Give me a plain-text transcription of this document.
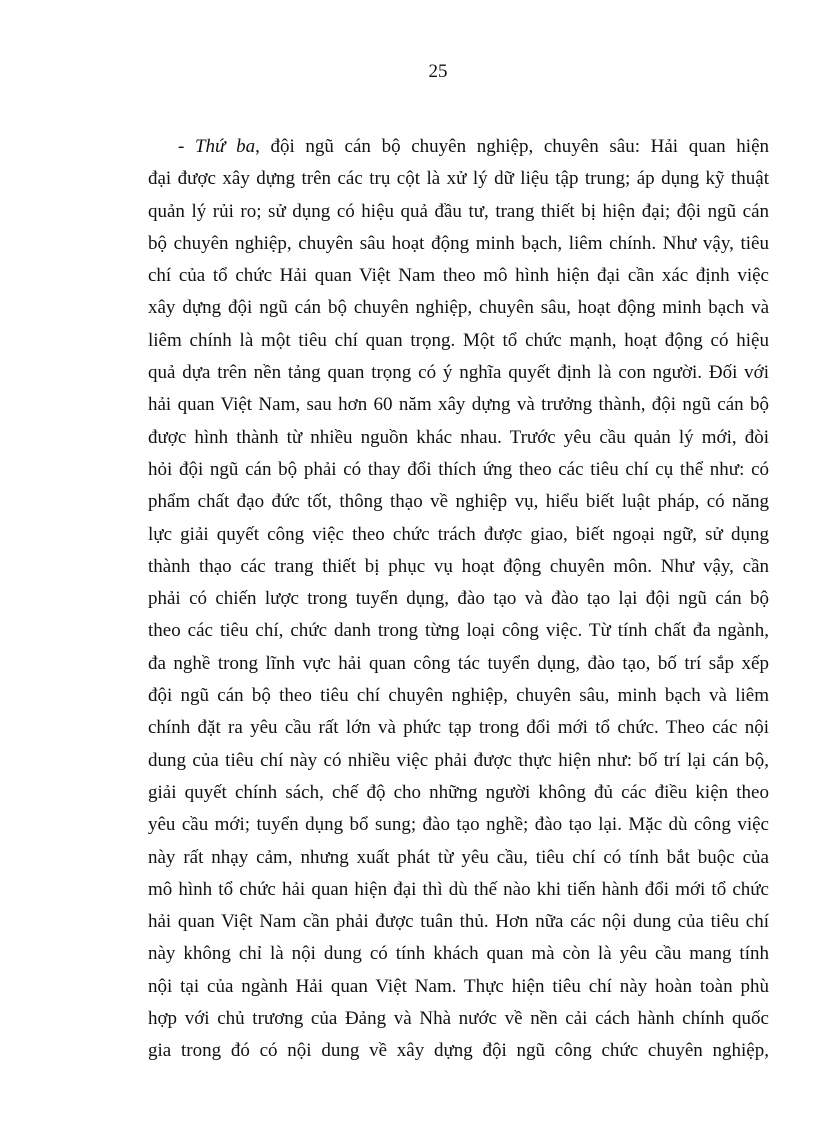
25
- Thứ ba, đội ngũ cán bộ chuyên nghiệp, chuyên sâu: Hải quan hiện
đại được xây dựng trên các trụ cột là xử lý dữ liệu tập trung; áp dụng kỹ thuật
quản lý rủi ro; sử dụng có hiệu quả đầu tư, trang thiết bị hiện đại; đội ngũ cán
bộ chuyên nghiệp, chuyên sâu hoạt động minh bạch, liêm chính. Như vậy, tiêu
chí của tổ chức Hải quan Việt Nam theo mô hình hiện đại cần xác định việc
xây dựng đội ngũ cán bộ chuyên nghiệp, chuyên sâu, hoạt động minh bạch và
liêm chính là một tiêu chí quan trọng. Một tổ chức mạnh, hoạt động có hiệu
quả dựa trên nền tảng quan trọng có ý nghĩa quyết định là con người. Đối với
hải quan Việt Nam, sau hơn 60 năm xây dựng và trưởng thành, đội ngũ cán bộ
được hình thành từ nhiều nguồn khác nhau. Trước yêu cầu quản lý mới, đòi
hỏi đội ngũ cán bộ phải có thay đổi thích ứng theo các tiêu chí cụ thể như: có
phẩm chất đạo đức tốt, thông thạo về nghiệp vụ, hiểu biết luật pháp, có năng
lực giải quyết công việc theo chức trách được giao, biết ngoại ngữ, sử dụng
thành thạo các trang thiết bị phục vụ hoạt động chuyên môn. Như vậy, cần
phải có chiến lược trong tuyển dụng, đào tạo và đào tạo lại đội ngũ cán bộ
theo các tiêu chí, chức danh trong từng loại công việc. Từ tính chất đa ngành,
đa nghề trong lĩnh vực hải quan công tác tuyển dụng, đào tạo, bố trí sắp xếp
đội ngũ cán bộ theo tiêu chí chuyên nghiệp, chuyên sâu, minh bạch và liêm
chính đặt ra yêu cầu rất lớn và phức tạp trong đổi mới tổ chức. Theo các nội
dung của tiêu chí này có nhiều việc phải được thực hiện như: bố trí lại cán bộ,
giải quyết chính sách, chế độ cho những người không đủ các điều kiện theo
yêu cầu mới; tuyển dụng bổ sung; đào tạo nghề; đào tạo lại. Mặc dù công việc
này rất nhạy cảm, nhưng xuất phát từ yêu cầu, tiêu chí có tính bắt buộc của
mô hình tổ chức hải quan hiện đại thì dù thế nào khi tiến hành đổi mới tổ chức
hải quan Việt Nam cần phải được tuân thủ. Hơn nữa các nội dung của tiêu chí
này không chỉ là nội dung có tính khách quan mà còn là yêu cầu mang tính
nội tại của ngành Hải quan Việt Nam. Thực hiện tiêu chí này hoàn toàn phù
hợp với chủ trương của Đảng và Nhà nước về nền cải cách hành chính quốc
gia trong đó có nội dung về xây dựng đội ngũ công chức chuyên nghiệp,
